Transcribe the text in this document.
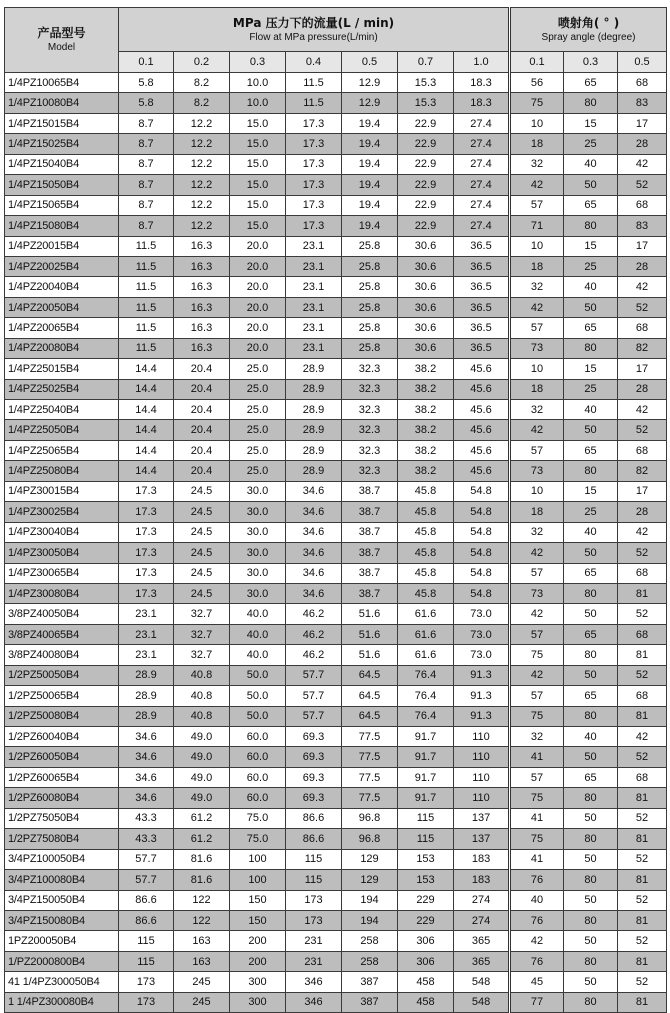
产品型号
Model	MPa 压力下的流量(L / min)
Flow at MPa pressure(L/min)							喷射角( ° )
Spray angle (degree)		

	0.1	0.2	0.3	0.4	0.5	0.7	1.0	0.1	0.3	0.5
1/4PZ10065B4	5.8	8.2	10.0	11.5	12.9	15.3	18.3	56	65	68
1/4PZ10080B4	5.8	8.2	10.0	11.5	12.9	15.3	18.3	75	80	83
1/4PZ15015B4	8.7	12.2	15.0	17.3	19.4	22.9	27.4	10	15	17
1/4PZ15025B4	8.7	12.2	15.0	17.3	19.4	22.9	27.4	18	25	28
1/4PZ15040B4	8.7	12.2	15.0	17.3	19.4	22.9	27.4	32	40	42
1/4PZ15050B4	8.7	12.2	15.0	17.3	19.4	22.9	27.4	42	50	52
1/4PZ15065B4	8.7	12.2	15.0	17.3	19.4	22.9	27.4	57	65	68
1/4PZ15080B4	8.7	12.2	15.0	17.3	19.4	22.9	27.4	71	80	83
1/4PZ20015B4	11.5	16.3	20.0	23.1	25.8	30.6	36.5	10	15	17
1/4PZ20025B4	11.5	16.3	20.0	23.1	25.8	30.6	36.5	18	25	28
1/4PZ20040B4	11.5	16.3	20.0	23.1	25.8	30.6	36.5	32	40	42
1/4PZ20050B4	11.5	16.3	20.0	23.1	25.8	30.6	36.5	42	50	52
1/4PZ20065B4	11.5	16.3	20.0	23.1	25.8	30.6	36.5	57	65	68
1/4PZ20080B4	11.5	16.3	20.0	23.1	25.8	30.6	36.5	73	80	82
1/4PZ25015B4	14.4	20.4	25.0	28.9	32.3	38.2	45.6	10	15	17
1/4PZ25025B4	14.4	20.4	25.0	28.9	32.3	38.2	45.6	18	25	28
1/4PZ25040B4	14.4	20.4	25.0	28.9	32.3	38.2	45.6	32	40	42
1/4PZ25050B4	14.4	20.4	25.0	28.9	32.3	38.2	45.6	42	50	52
1/4PZ25065B4	14.4	20.4	25.0	28.9	32.3	38.2	45.6	57	65	68
1/4PZ25080B4	14.4	20.4	25.0	28.9	32.3	38.2	45.6	73	80	82
1/4PZ30015B4	17.3	24.5	30.0	34.6	38.7	45.8	54.8	10	15	17
1/4PZ30025B4	17.3	24.5	30.0	34.6	38.7	45.8	54.8	18	25	28
1/4PZ30040B4	17.3	24.5	30.0	34.6	38.7	45.8	54.8	32	40	42
1/4PZ30050B4	17.3	24.5	30.0	34.6	38.7	45.8	54.8	42	50	52
1/4PZ30065B4	17.3	24.5	30.0	34.6	38.7	45.8	54.8	57	65	68
1/4PZ30080B4	17.3	24.5	30.0	34.6	38.7	45.8	54.8	73	80	81
3/8PZ40050B4	23.1	32.7	40.0	46.2	51.6	61.6	73.0	42	50	52
3/8PZ40065B4	23.1	32.7	40.0	46.2	51.6	61.6	73.0	57	65	68
3/8PZ40080B4	23.1	32.7	40.0	46.2	51.6	61.6	73.0	75	80	81
1/2PZ50050B4	28.9	40.8	50.0	57.7	64.5	76.4	91.3	42	50	52
1/2PZ50065B4	28.9	40.8	50.0	57.7	64.5	76.4	91.3	57	65	68
1/2PZ50080B4	28.9	40.8	50.0	57.7	64.5	76.4	91.3	75	80	81
1/2PZ60040B4	34.6	49.0	60.0	69.3	77.5	91.7	110	32	40	42
1/2PZ60050B4	34.6	49.0	60.0	69.3	77.5	91.7	110	41	50	52
1/2PZ60065B4	34.6	49.0	60.0	69.3	77.5	91.7	110	57	65	68
1/2PZ60080B4	34.6	49.0	60.0	69.3	77.5	91.7	110	75	80	81
1/2PZ75050B4	43.3	61.2	75.0	86.6	96.8	115	137	41	50	52
1/2PZ75080B4	43.3	61.2	75.0	86.6	96.8	115	137	75	80	81
3/4PZ100050B4	57.7	81.6	100	115	129	153	183	41	50	52
3/4PZ100080B4	57.7	81.6	100	115	129	153	183	76	80	81
3/4PZ150050B4	86.6	122	150	173	194	229	274	40	50	52
3/4PZ150080B4	86.6	122	150	173	194	229	274	76	80	81
1PZ200050B4	115	163	200	231	258	306	365	42	50	52
1/PZ2000800B4	115	163	200	231	258	306	365	76	80	81
41 1/4PZ300050B4	173	245	300	346	387	458	548	45	50	52
1 1/4PZ300080B4	173	245	300	346	387	458	548	77	80	81
